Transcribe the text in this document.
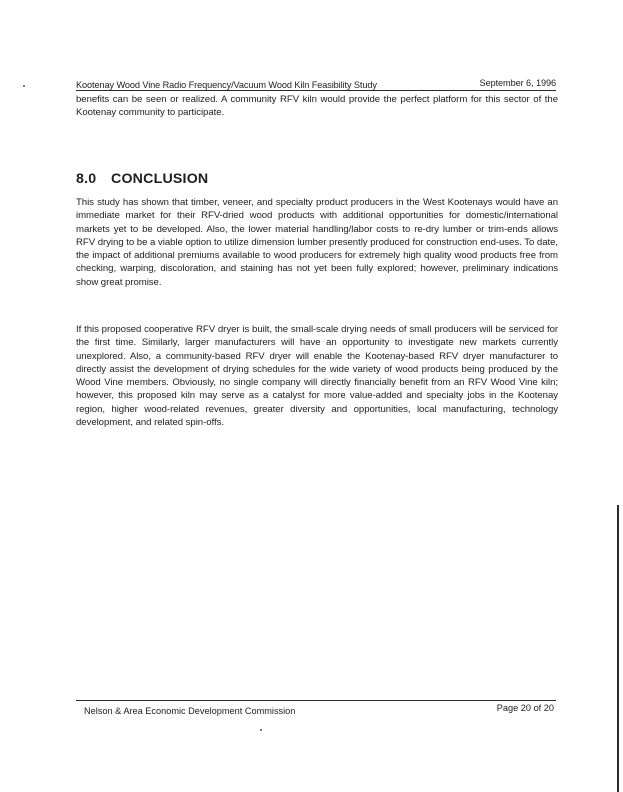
Kootenay Wood Vine Radio Frequency/Vacuum Wood Kiln Feasibility Study	September 6, 1996

benefits can be seen or realized. A community RFV kiln would provide the perfect platform for this sector of the Kootenay community to participate.

8.0 CONCLUSION

This study has shown that timber, veneer, and specialty product producers in the West Kootenays would have an immediate market for their RFV-dried wood products with additional opportunities for domestic/international markets yet to be developed. Also, the lower material handling/labor costs to re-dry lumber or trim-ends allows RFV drying to be a viable option to utilize dimension lumber presently produced for construction end-uses. To date, the impact of additional premiums available to wood producers for extremely high quality wood products free from checking, warping, discoloration, and staining has not yet been fully explored; however, preliminary indications show great promise.

If this proposed cooperative RFV dryer is built, the small-scale drying needs of small producers will be serviced for the first time. Similarly, larger manufacturers will have an opportunity to investigate new markets currently unexplored. Also, a community-based RFV dryer will enable the Kootenay-based RFV dryer manufacturer to directly assist the development of drying schedules for the wide variety of wood products being produced by the Wood Vine members. Obviously, no single company will directly financially benefit from an RFV Wood Vine kiln; however, this proposed kiln may serve as a catalyst for more value-added and specialty jobs in the Kootenay region, higher wood-related revenues, greater diversity and opportunities, local manufacturing, technology development, and related spin-offs.

Nelson & Area Economic Development Commission	Page 20 of 20
